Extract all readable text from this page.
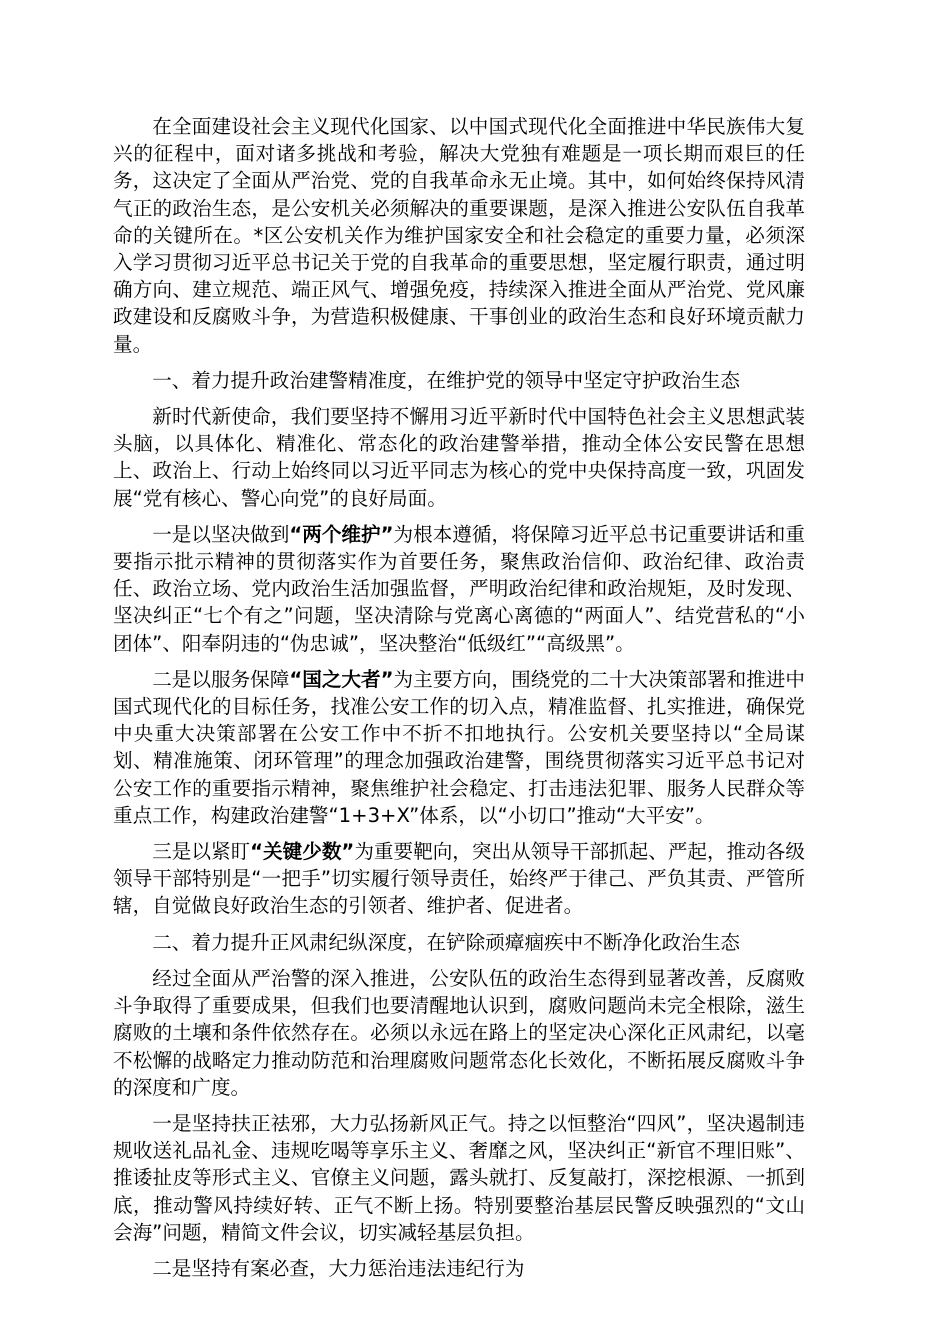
在全面建设社会主义现代化国家、以中国式现代化全面推进中华民族伟大复兴的征程中，面对诸多挑战和考验，解决大党独有难题是一项长期而艰巨的任务，这决定了全面从严治党、党的自我革命永无止境。其中，如何始终保持风清气正的政治生态，是公安机关必须解决的重要课题，是深入推进公安队伍自我革命的关键所在。*区公安机关作为维护国家安全和社会稳定的重要力量，必须深入学习贯彻习近平总书记关于党的自我革命的重要思想，坚定履行职责，通过明确方向、建立规范、端正风气、增强免疫，持续深入推进全面从严治党、党风廉政建设和反腐败斗争，为营造积极健康、干事创业的政治生态和良好环境贡献力量。

一、着力提升政治建警精准度，在维护党的领导中坚定守护政治生态

新时代新使命，我们要坚持不懈用习近平新时代中国特色社会主义思想武装头脑，以具体化、精准化、常态化的政治建警举措，推动全体公安民警在思想上、政治上、行动上始终同以习近平同志为核心的党中央保持高度一致，巩固发展“党有核心、警心向党”的良好局面。

一是以坚决做到“两个维护”为根本遵循，将保障习近平总书记重要讲话和重要指示批示精神的贯彻落实作为首要任务，聚焦政治信仰、政治纪律、政治责任、政治立场、党内政治生活加强监督，严明政治纪律和政治规矩，及时发现、坚决纠正“七个有之”问题，坚决清除与党离心离德的“两面人”、结党营私的“小团体”、阳奉阴违的“伪忠诚”，坚决整治“低级红”“高级黑”。

二是以服务保障“国之大者”为主要方向，围绕党的二十大决策部署和推进中国式现代化的目标任务，找准公安工作的切入点，精准监督、扎实推进，确保党中央重大决策部署在公安工作中不折不扣地执行。公安机关要坚持以“全局谋划、精准施策、闭环管理”的理念加强政治建警，围绕贯彻落实习近平总书记对公安工作的重要指示精神，聚焦维护社会稳定、打击违法犯罪、服务人民群众等重点工作，构建政治建警“1+3+X”体系，以“小切口”推动“大平安”。

三是以紧盯“关键少数”为重要靶向，突出从领导干部抓起、严起，推动各级领导干部特别是“一把手”切实履行领导责任，始终严于律己、严负其责、严管所辖，自觉做良好政治生态的引领者、维护者、促进者。

二、着力提升正风肃纪纵深度，在铲除顽瘴痼疾中不断净化政治生态

经过全面从严治警的深入推进，公安队伍的政治生态得到显著改善，反腐败斗争取得了重要成果，但我们也要清醒地认识到，腐败问题尚未完全根除，滋生腐败的土壤和条件依然存在。必须以永远在路上的坚定决心深化正风肃纪，以毫不松懈的战略定力推动防范和治理腐败问题常态化长效化，不断拓展反腐败斗争的深度和广度。

一是坚持扶正祛邪，大力弘扬新风正气。持之以恒整治“四风”，坚决遏制违规收送礼品礼金、违规吃喝等享乐主义、奢靡之风，坚决纠正“新官不理旧账”、推诿扯皮等形式主义、官僚主义问题，露头就打、反复敲打，深挖根源、一抓到底，推动警风持续好转、正气不断上扬。特别要整治基层民警反映强烈的“文山会海”问题，精简文件会议，切实减轻基层负担。

二是坚持有案必查，大力惩治违法违纪行为
